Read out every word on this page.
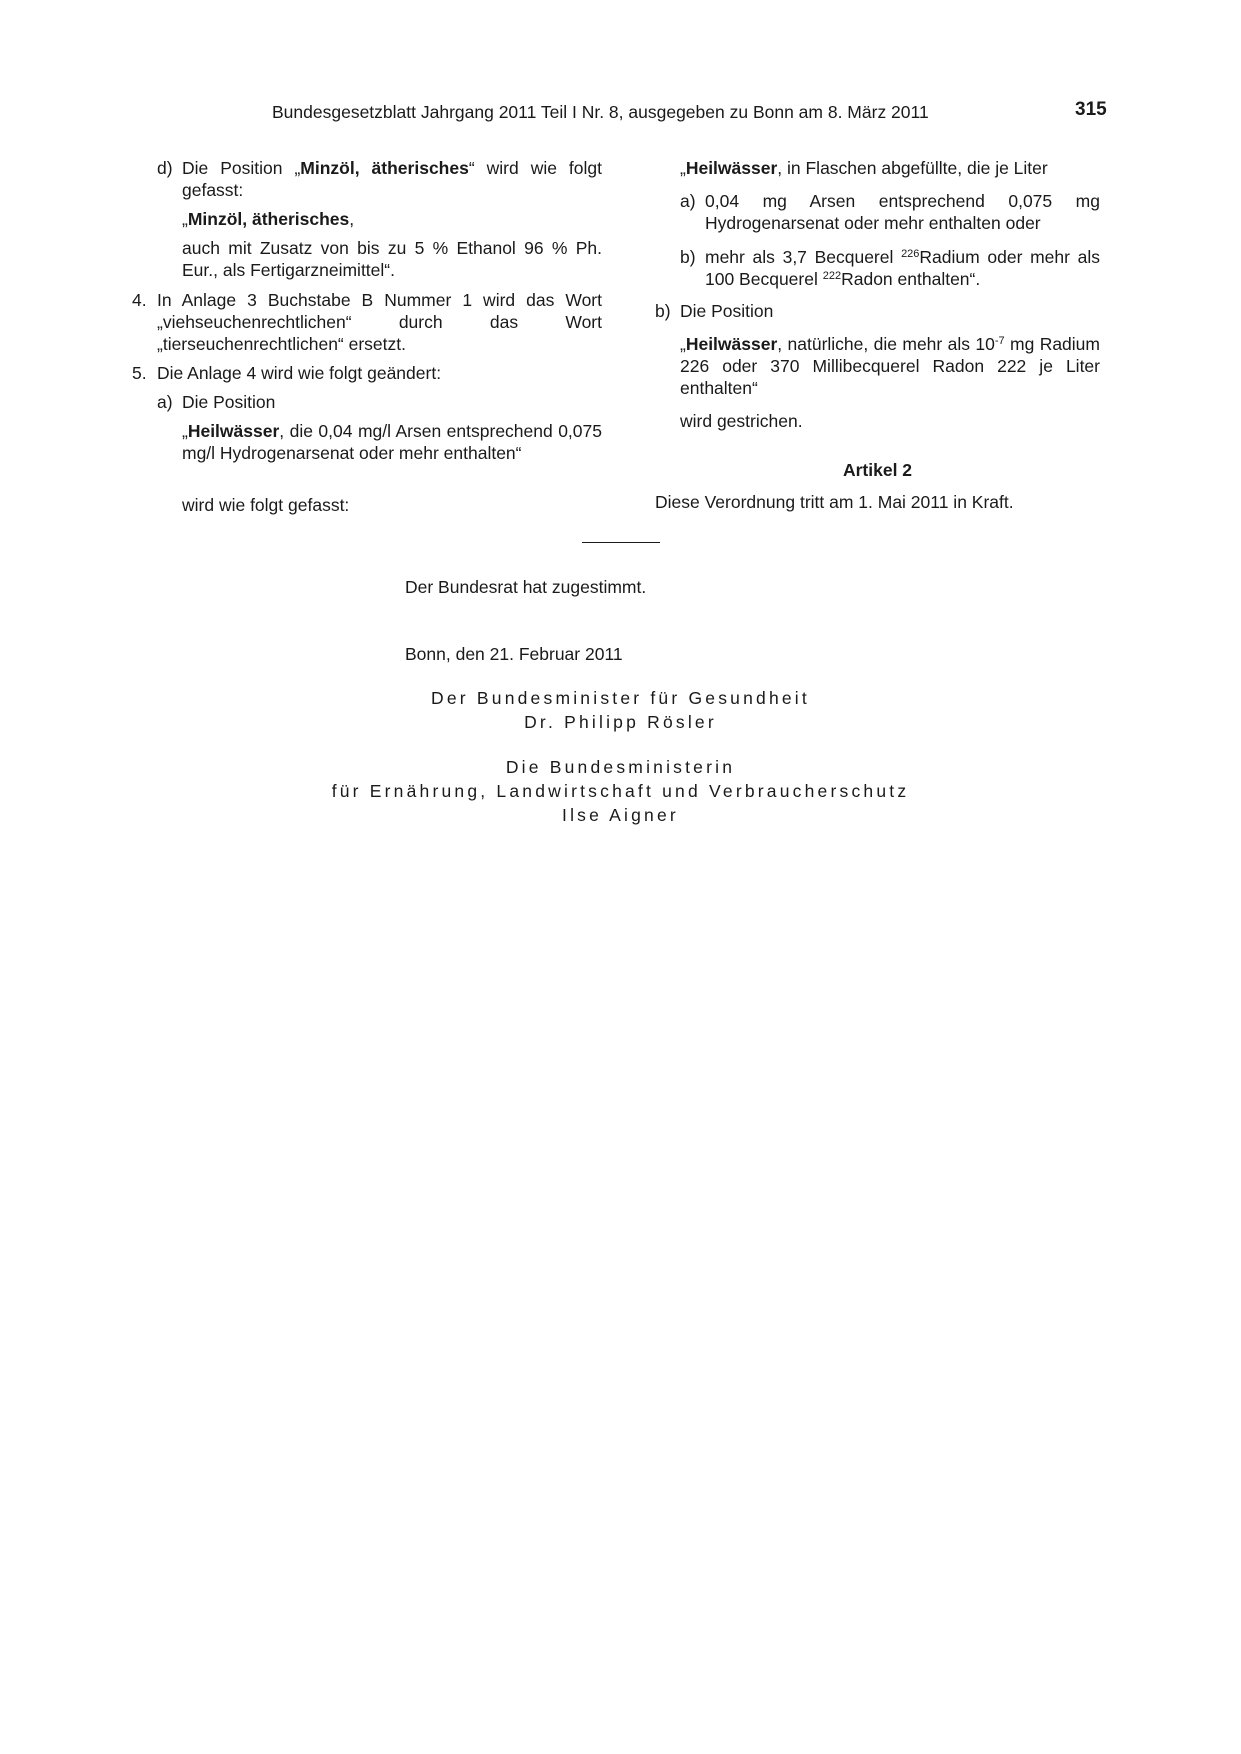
Bundesgesetzblatt Jahrgang 2011 Teil I Nr. 8, ausgegeben zu Bonn am 8. März 2011	315
d) Die Position „Minzöl, ätherisches“ wird wie folgt gefasst:

„Minzöl, ätherisches,

auch mit Zusatz von bis zu 5 % Ethanol 96 % Ph. Eur., als Fertigarzneimittel“.

4. In Anlage 3 Buchstabe B Nummer 1 wird das Wort „viehseuchenrechtlichen“ durch das Wort „tierseuchenrechtlichen“ ersetzt.

5. Die Anlage 4 wird wie folgt geändert:

a) Die Position

„Heilwässer, die 0,04 mg/l Arsen entsprechend 0,075 mg/l Hydrogenarsenat oder mehr enthalten“

wird wie folgt gefasst:

„Heilwässer, in Flaschen abgefüllte, die je Liter

a) 0,04 mg Arsen entsprechend 0,075 mg Hydrogenarsenat oder mehr enthalten oder

b) mehr als 3,7 Becquerel $^{226}$Radium oder mehr als 100 Becquerel $^{222}$Radon enthalten“.

b) Die Position

„Heilwässer, natürliche, die mehr als $10^{-7}$ mg Radium 226 oder 370 Millibecquerel Radon 222 je Liter enthalten“

wird gestrichen.

Artikel 2

Diese Verordnung tritt am 1. Mai 2011 in Kraft.

Der Bundesrat hat zugestimmt.

Bonn, den 21. Februar 2011

Der Bundesminister für Gesundheit
Dr. Philipp Rösler
Die Bundesministerin
für Ernährung, Landwirtschaft und Verbraucherschutz
Ilse Aigner
